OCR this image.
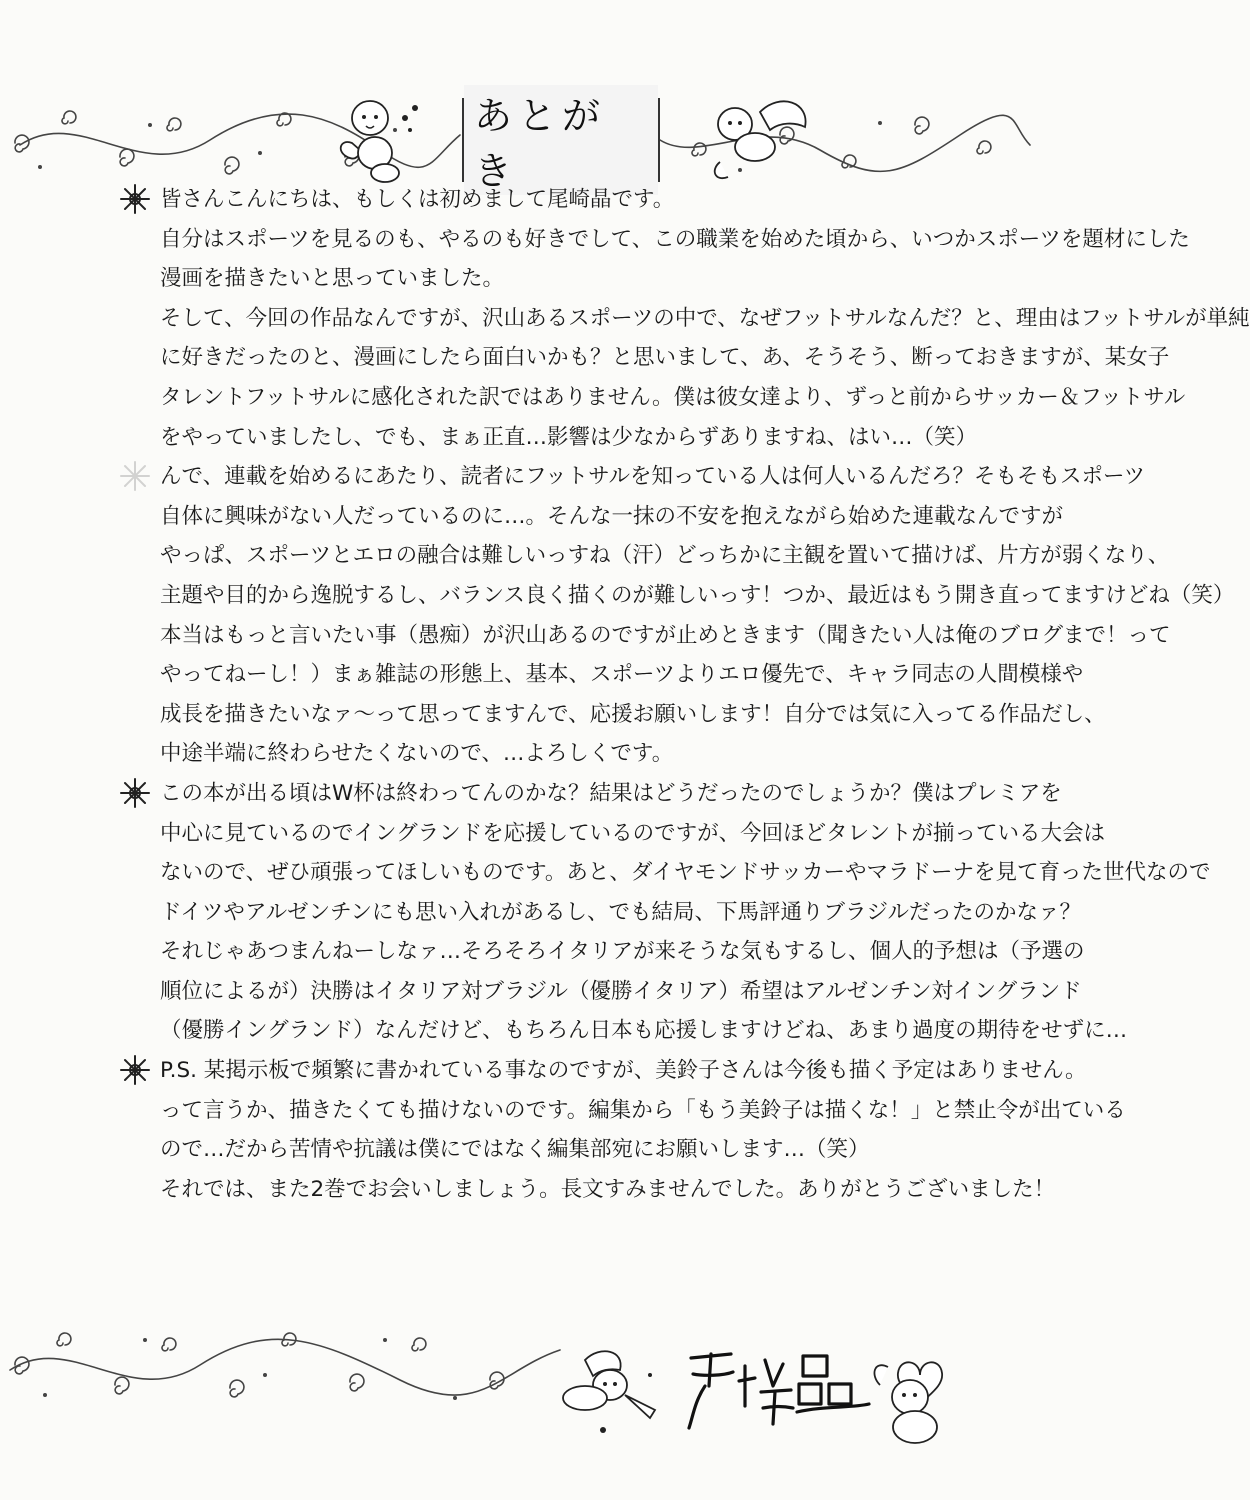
あとがき
皆さんこんにちは、もしくは初めまして尾崎晶です。
自分はスポーツを見るのも、やるのも好きでして、この職業を始めた頃から、いつかスポーツを題材にした
漫画を描きたいと思っていました。
そして、今回の作品なんですが、沢山あるスポーツの中で、なぜフットサルなんだ？と、理由はフットサルが単純
に好きだったのと、漫画にしたら面白いかも？と思いまして、あ、そうそう、断っておきますが、某女子
タレントフットサルに感化された訳ではありません。僕は彼女達より、ずっと前からサッカー＆フットサル
をやっていましたし、でも、まぁ正直…影響は少なからずありますね、はい…（笑）
んで、連載を始めるにあたり、読者にフットサルを知っている人は何人いるんだろ？そもそもスポーツ
自体に興味がない人だっているのに…。そんな一抹の不安を抱えながら始めた連載なんですが
やっぱ、スポーツとエロの融合は難しいっすね（汗）どっちかに主観を置いて描けば、片方が弱くなり、
主題や目的から逸脱するし、バランス良く描くのが難しいっす！つか、最近はもう開き直ってますけどね（笑）
本当はもっと言いたい事（愚痴）が沢山あるのですが止めときます（聞きたい人は俺のブログまで！って
やってねーし！）まぁ雑誌の形態上、基本、スポーツよりエロ優先で、キャラ同志の人間模様や
成長を描きたいなァ〜って思ってますんで、応援お願いします！自分では気に入ってる作品だし、
中途半端に終わらせたくないので、…よろしくです。
この本が出る頃はW杯は終わってんのかな？結果はどうだったのでしょうか？僕はプレミアを
中心に見ているのでイングランドを応援しているのですが、今回ほどタレントが揃っている大会は
ないので、ぜひ頑張ってほしいものです。あと、ダイヤモンドサッカーやマラドーナを見て育った世代なので
ドイツやアルゼンチンにも思い入れがあるし、でも結局、下馬評通りブラジルだったのかなァ？
それじゃあつまんねーしなァ…そろそろイタリアが来そうな気もするし、個人的予想は（予選の
順位によるが）決勝はイタリア対ブラジル（優勝イタリア）希望はアルゼンチン対イングランド
（優勝イングランド）なんだけど、もちろん日本も応援しますけどね、あまり過度の期待をせずに…
P.S. 某掲示板で頻繁に書かれている事なのですが、美鈴子さんは今後も描く予定はありません。
って言うか、描きたくても描けないのです。編集から「もう美鈴子は描くな！」と禁止令が出ている
ので…だから苦情や抗議は僕にではなく編集部宛にお願いします…（笑）
それでは、また2巻でお会いしましょう。長文すみませんでした。ありがとうございました！
